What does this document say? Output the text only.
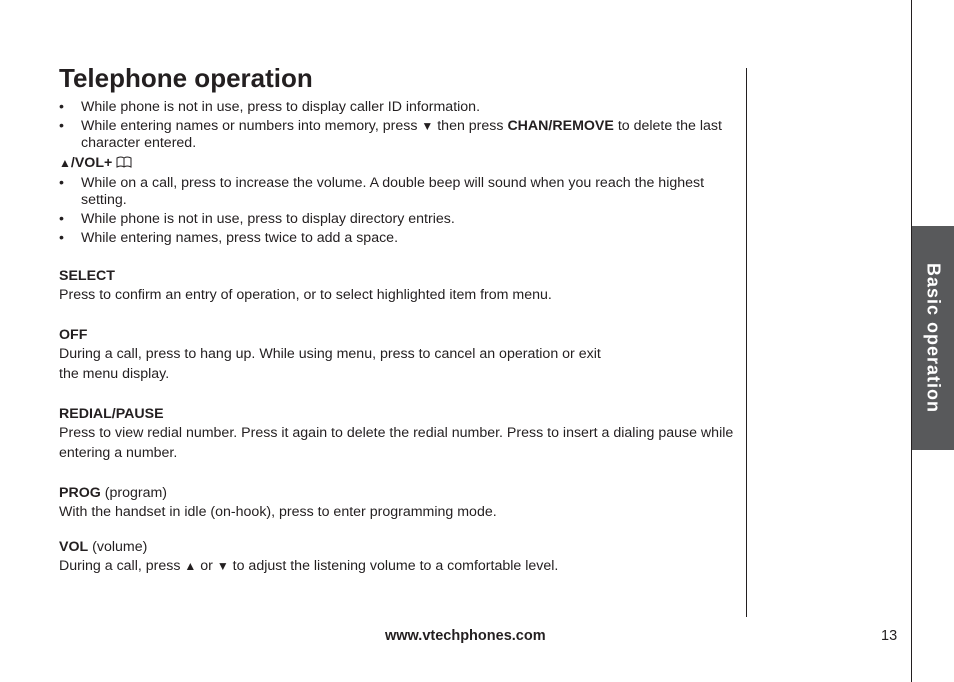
Basic operation
Telephone operation

• While phone is not in use, press to display caller ID information.

• While entering names or numbers into memory, press ▼ then press CHAN/REMOVE to delete the last character entered.

▲/VOL+

• While on a call, press to increase the volume. A double beep will sound when you reach the highest setting.

• While phone is not in use, press to display directory entries.

• While entering names, press twice to add a space.

SELECT

Press to confirm an entry of operation, or to select highlighted item from menu.

OFF

During a call, press to hang up. While using menu, press to cancel an operation or exit

the menu display.

REDIAL/PAUSE

Press to view redial number. Press it again to delete the redial number. Press to insert a dialing pause while entering a number.

PROG (program)

With the handset in idle (on-hook), press to enter programming mode.

VOL (volume)

During a call, press ▲ or ▼ to adjust the listening volume to a comfortable level.

www.vtechphones.com	13
